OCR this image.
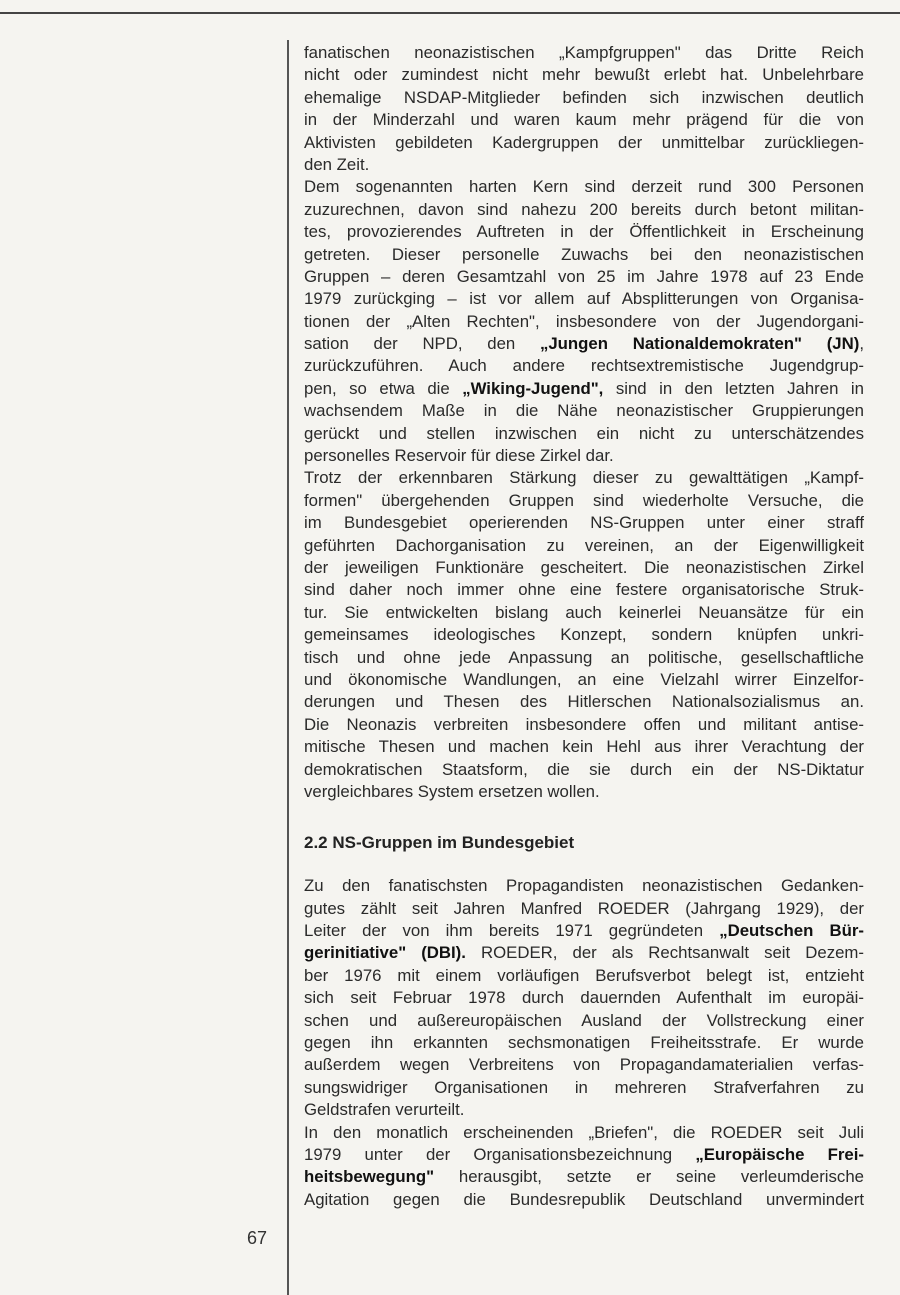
67
fanatischen neonazistischen „Kampfgruppen" das Dritte Reich
nicht oder zumindest nicht mehr bewußt erlebt hat. Unbelehrbare
ehemalige NSDAP-Mitglieder befinden sich inzwischen deutlich
in der Minderzahl und waren kaum mehr prägend für die von
Aktivisten gebildeten Kadergruppen der unmittelbar zurückliegen-
den Zeit.
Dem sogenannten harten Kern sind derzeit rund 300 Personen
zuzurechnen, davon sind nahezu 200 bereits durch betont militan-
tes, provozierendes Auftreten in der Öffentlichkeit in Erscheinung
getreten. Dieser personelle Zuwachs bei den neonazistischen
Gruppen – deren Gesamtzahl von 25 im Jahre 1978 auf 23 Ende
1979 zurückging – ist vor allem auf Absplitterungen von Organisa-
tionen der „Alten Rechten", insbesondere von der Jugendorgani-
sation der NPD, den „Jungen Nationaldemokraten" (JN),
zurückzuführen. Auch andere rechtsextremistische Jugendgrup-
pen, so etwa die „Wiking-Jugend", sind in den letzten Jahren in
wachsendem Maße in die Nähe neonazistischer Gruppierungen
gerückt und stellen inzwischen ein nicht zu unterschätzendes
personelles Reservoir für diese Zirkel dar.
Trotz der erkennbaren Stärkung dieser zu gewalttätigen „Kampf-
formen" übergehenden Gruppen sind wiederholte Versuche, die
im Bundesgebiet operierenden NS-Gruppen unter einer straff
geführten Dachorganisation zu vereinen, an der Eigenwilligkeit
der jeweiligen Funktionäre gescheitert. Die neonazistischen Zirkel
sind daher noch immer ohne eine festere organisatorische Struk-
tur. Sie entwickelten bislang auch keinerlei Neuansätze für ein
gemeinsames ideologisches Konzept, sondern knüpfen unkri-
tisch und ohne jede Anpassung an politische, gesellschaftliche
und ökonomische Wandlungen, an eine Vielzahl wirrer Einzelfor-
derungen und Thesen des Hitlerschen Nationalsozialismus an.
Die Neonazis verbreiten insbesondere offen und militant antise-
mitische Thesen und machen kein Hehl aus ihrer Verachtung der
demokratischen Staatsform, die sie durch ein der NS-Diktatur
vergleichbares System ersetzen wollen.
2.2 NS-Gruppen im Bundesgebiet
Zu den fanatischsten Propagandisten neonazistischen Gedanken-
gutes zählt seit Jahren Manfred ROEDER (Jahrgang 1929), der
Leiter der von ihm bereits 1971 gegründeten „Deutschen Bür-
gerinitiative" (DBI). ROEDER, der als Rechtsanwalt seit Dezem-
ber 1976 mit einem vorläufigen Berufsverbot belegt ist, entzieht
sich seit Februar 1978 durch dauernden Aufenthalt im europäi-
schen und außereuropäischen Ausland der Vollstreckung einer
gegen ihn erkannten sechsmonatigen Freiheitsstrafe. Er wurde
außerdem wegen Verbreitens von Propagandamaterialien verfas-
sungswidriger Organisationen in mehreren Strafverfahren zu
Geldstrafen verurteilt.
In den monatlich erscheinenden „Briefen", die ROEDER seit Juli
1979 unter der Organisationsbezeichnung „Europäische Frei-
heitsbewegung" herausgibt, setzte er seine verleumderische
Agitation gegen die Bundesrepublik Deutschland unvermindert
